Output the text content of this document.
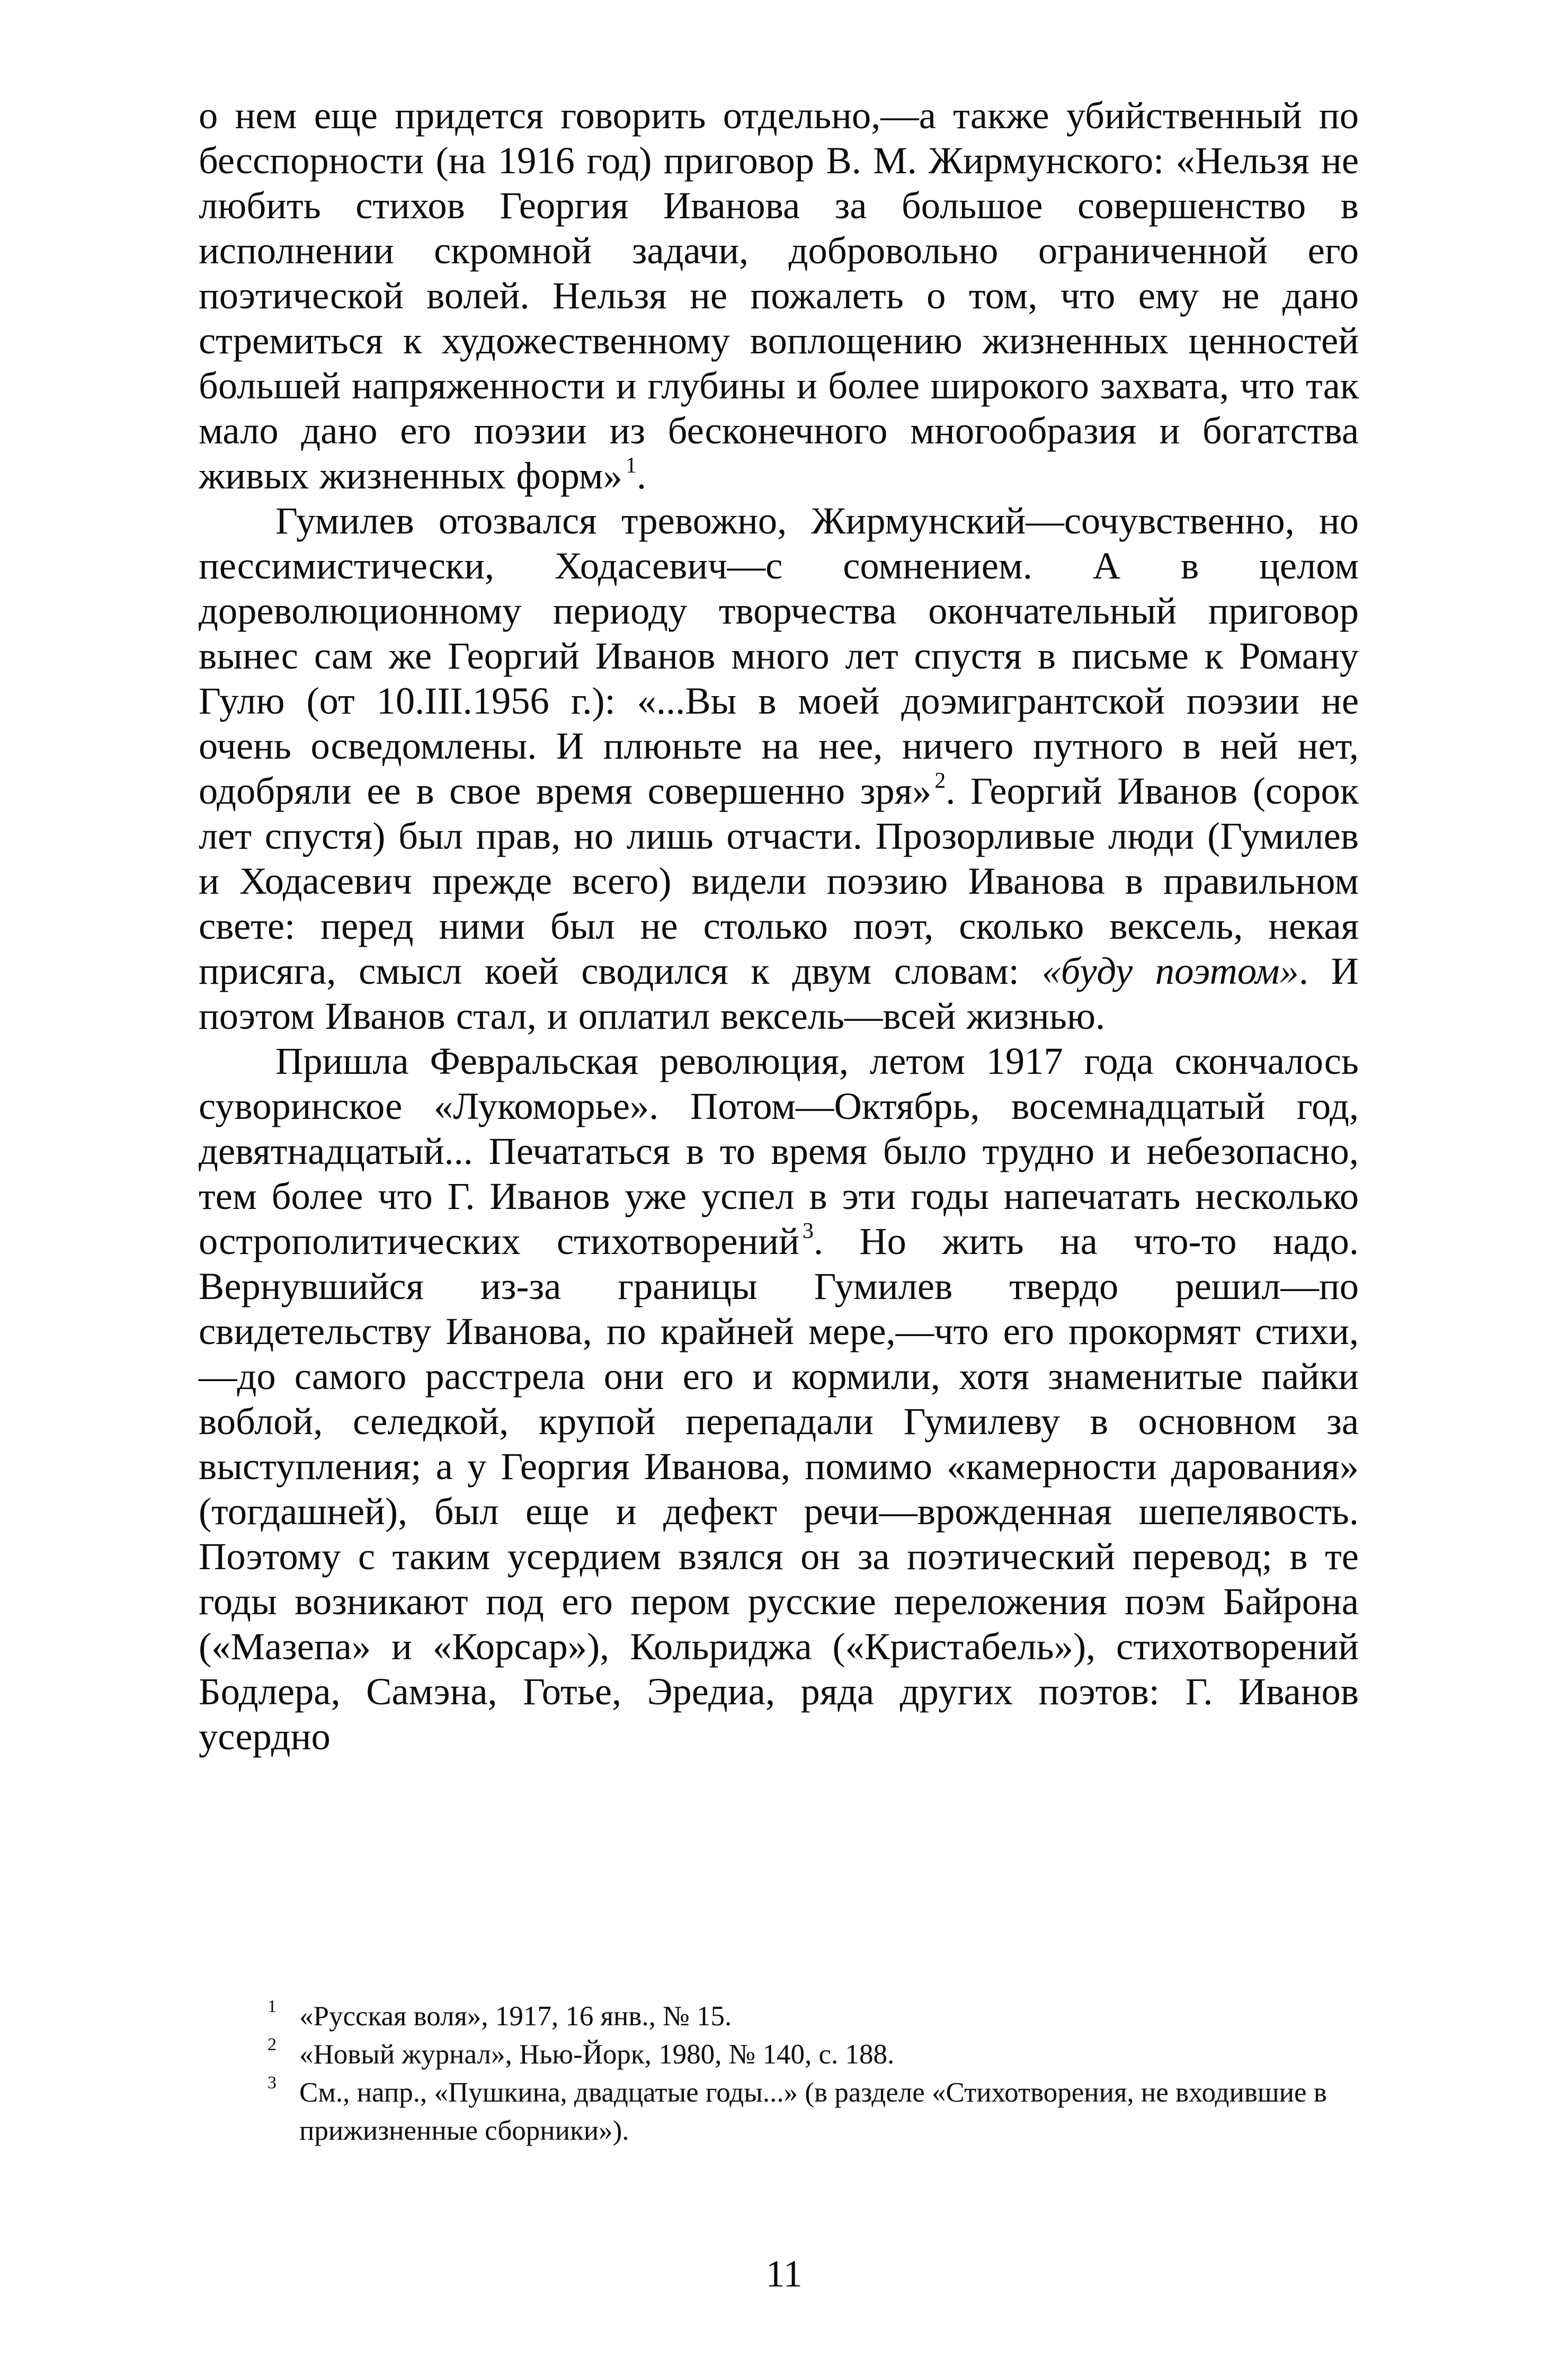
о нем еще придется говорить отдельно,—а также убийственный по бесспорности (на 1916 год) приговор В. М. Жирмунского: «Нельзя не любить стихов Георгия Иванова за большое совершенство в исполнении скромной задачи, добровольно ограниченной его поэтической волей. Нельзя не пожалеть о том, что ему не дано стремиться к художественному воплощению жизненных ценностей большей напряженности и глубины и более широкого захвата, что так мало дано его поэзии из бесконечного многообразия и богатства живых жизненных форм» $^1$.

Гумилев отозвался тревожно, Жирмунский—сочувственно, но пессимистически, Ходасевич—с сомнением. А в целом дореволюционному периоду творчества окончательный приговор вынес сам же Георгий Иванов много лет спустя в письме к Роману Гулю (от 10.III.1956 г.): «...Вы в моей доэмигрантской поэзии не очень осведомлены. И плюньте на нее, ничего путного в ней нет, одобряли ее в свое время совершенно зря» $^2$. Георгий Иванов (сорок лет спустя) был прав, но лишь отчасти. Прозорливые люди (Гумилев и Ходасевич прежде всего) видели поэзию Иванова в правильном свете: перед ними был не столько поэт, сколько вексель, некая присяга, смысл коей сводился к двум словам: «буду поэтом». И поэтом Иванов стал, и оплатил вексель—всей жизнью.

Пришла Февральская революция, летом 1917 года скончалось суворинское «Лукоморье». Потом—Октябрь, восемнадцатый год, девятнадцатый... Печататься в то время было трудно и небезопасно, тем более что Г. Иванов уже успел в эти годы напечатать несколько острополитических стихотворений $^3$. Но жить на что-то надо. Вернувшийся из-за границы Гумилев твердо решил—по свидетельству Иванова, по крайней мере,—что его прокормят стихи,—до самого расстрела они его и кормили, хотя знаменитые пайки воблой, селедкой, крупой перепадали Гумилеву в основном за выступления; а у Георгия Иванова, помимо «камерности дарования» (тогдашней), был еще и дефект речи—врожденная шепелявость. Поэтому с таким усердием взялся он за поэтический перевод; в те годы возникают под его пером русские переложения поэм Байрона («Мазепа» и «Корсар»), Кольриджа («Кристабель»), стихотворений Бодлера, Самэна, Готье, Эредиа, ряда других поэтов: Г. Иванов усердно

1 «Русская воля», 1917, 16 янв., № 15.

2 «Новый журнал», Нью-Йорк, 1980, № 140, с. 188.

3 См., напр., «Пушкина, двадцатые годы...» (в разделе «Стихотворения, не входившие в прижизненные сборники»).

11
